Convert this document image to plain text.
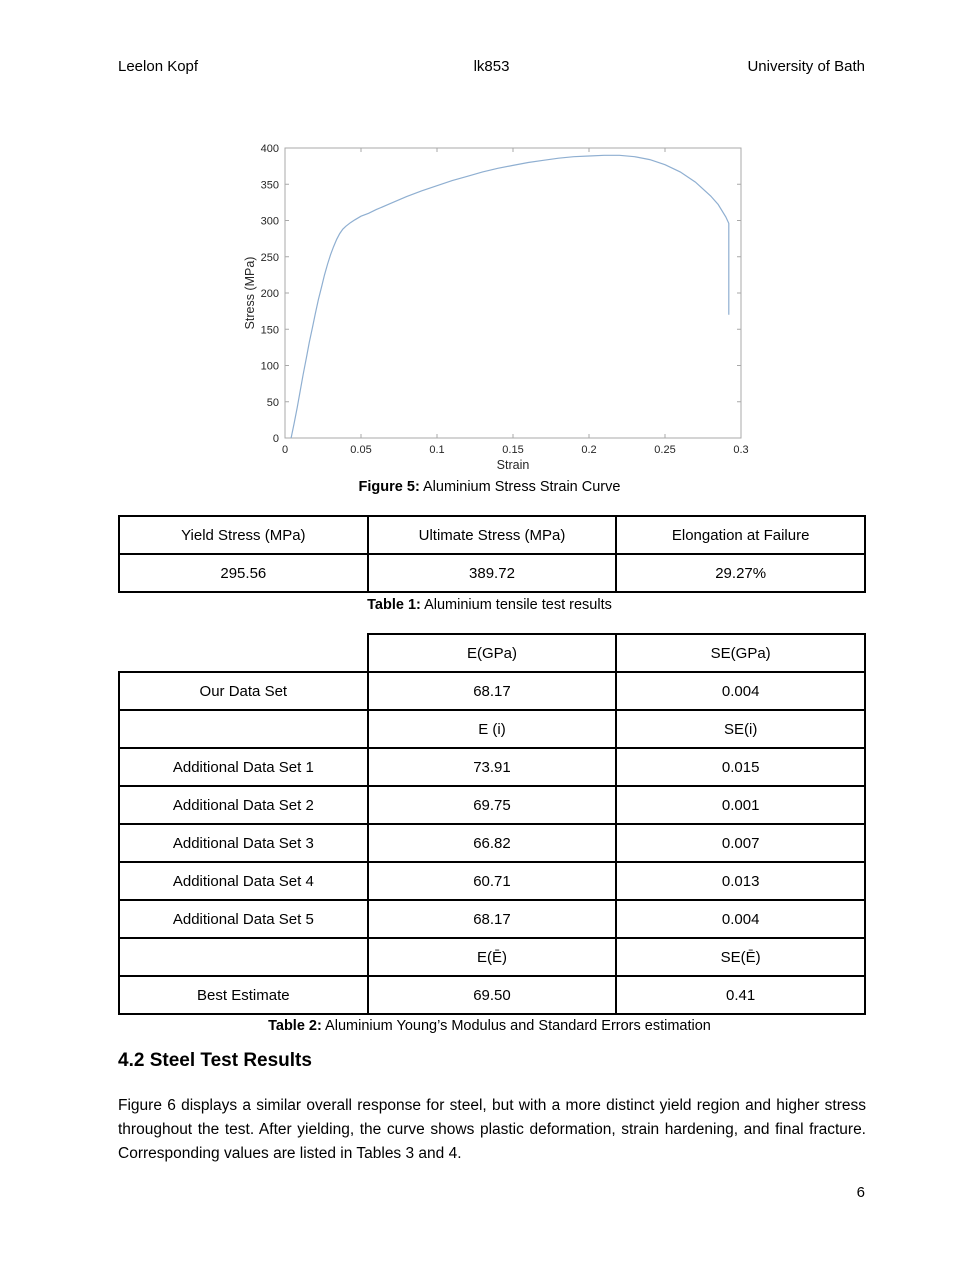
Leelon Kopf	lk853	University of Bath
0	0.05	0.1	0.15	0.2	0.25	0.3
0
50
100
150
200
250
300
350
400
Strain
Stress (MPa)
Figure 5: Aluminium Stress Strain Curve
Yield Stress (MPa)	Ultimate Stress (MPa)	Elongation at Failure
295.56	389.72	29.27%
Table 1: Aluminium tensile test results
	E(GPa)	SE(GPa)
Our Data Set	68.17	0.004
	E (i)	SE(i)
Additional Data Set 1	73.91	0.015
Additional Data Set 2	69.75	0.001
Additional Data Set 3	66.82	0.007
Additional Data Set 4	60.71	0.013
Additional Data Set 5	68.17	0.004
	E(Ē)	SE(Ē)
Best Estimate	69.50	0.41
Table 2: Aluminium Young’s Modulus and Standard Errors estimation
4.2 Steel Test Results

Figure 6 displays a similar overall response for steel, but with a more distinct yield region and higher stress throughout the test. After yielding, the curve shows plastic deformation, strain hardening, and final fracture. Corresponding values are listed in Tables 3 and 4.

6
